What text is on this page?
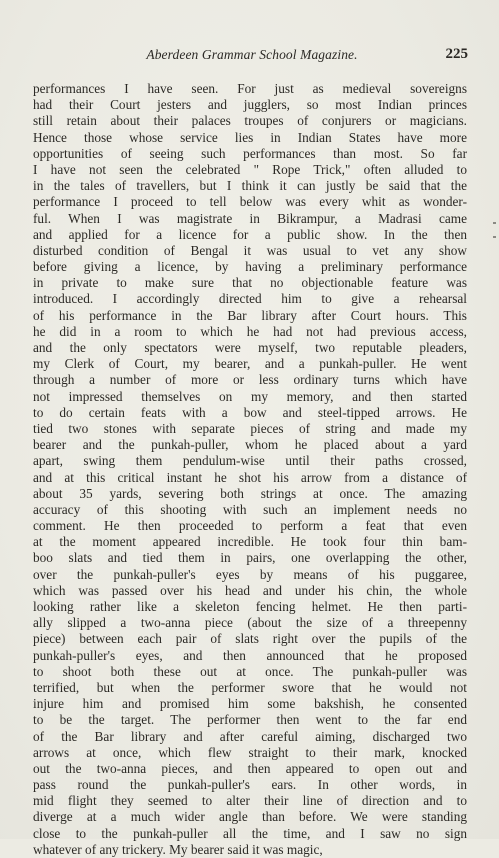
Aberdeen Grammar School Magazine.	225
performances I have seen. For just as medieval sovereigns
had their Court jesters and jugglers, so most Indian princes
still retain about their palaces troupes of conjurers or magicians.
Hence those whose service lies in Indian States have more
opportunities of seeing such performances than most. So far
I have not seen the celebrated " Rope Trick," often alluded to
in the tales of travellers, but I think it can justly be said that the
performance I proceed to tell below was every whit as wonder-
ful. When I was magistrate in Bikrampur, a Madrasi came
and applied for a licence for a public show. In the then
disturbed condition of Bengal it was usual to vet any show
before giving a licence, by having a preliminary performance
in private to make sure that no objectionable feature was
introduced. I accordingly directed him to give a rehearsal
of his performance in the Bar library after Court hours. This
he did in a room to which he had not had previous access,
and the only spectators were myself, two reputable pleaders,
my Clerk of Court, my bearer, and a punkah-puller. He went
through a number of more or less ordinary turns which have
not impressed themselves on my memory, and then started
to do certain feats with a bow and steel-tipped arrows. He
tied two stones with separate pieces of string and made my
bearer and the punkah-puller, whom he placed about a yard
apart, swing them pendulum-wise until their paths crossed,
and at this critical instant he shot his arrow from a distance of
about 35 yards, severing both strings at once. The amazing
accuracy of this shooting with such an implement needs no
comment. He then proceeded to perform a feat that even
at the moment appeared incredible. He took four thin bam-
boo slats and tied them in pairs, one overlapping the other,
over the punkah-puller's eyes by means of his puggaree,
which was passed over his head and under his chin, the whole
looking rather like a skeleton fencing helmet. He then parti-
ally slipped a two-anna piece (about the size of a threepenny
piece) between each pair of slats right over the pupils of the
punkah-puller's eyes, and then announced that he proposed
to shoot both these out at once. The punkah-puller was
terrified, but when the performer swore that he would not
injure him and promised him some bakshish, he consented
to be the target. The performer then went to the far end
of the Bar library and after careful aiming, discharged two
arrows at once, which flew straight to their mark, knocked
out the two-anna pieces, and then appeared to open out and
pass round the punkah-puller's ears. In other words, in
mid flight they seemed to alter their line of direction and to
diverge at a much wider angle than before. We were standing
close to the punkah-puller all the time, and I saw no sign
whatever of any trickery. My bearer said it was magic,
